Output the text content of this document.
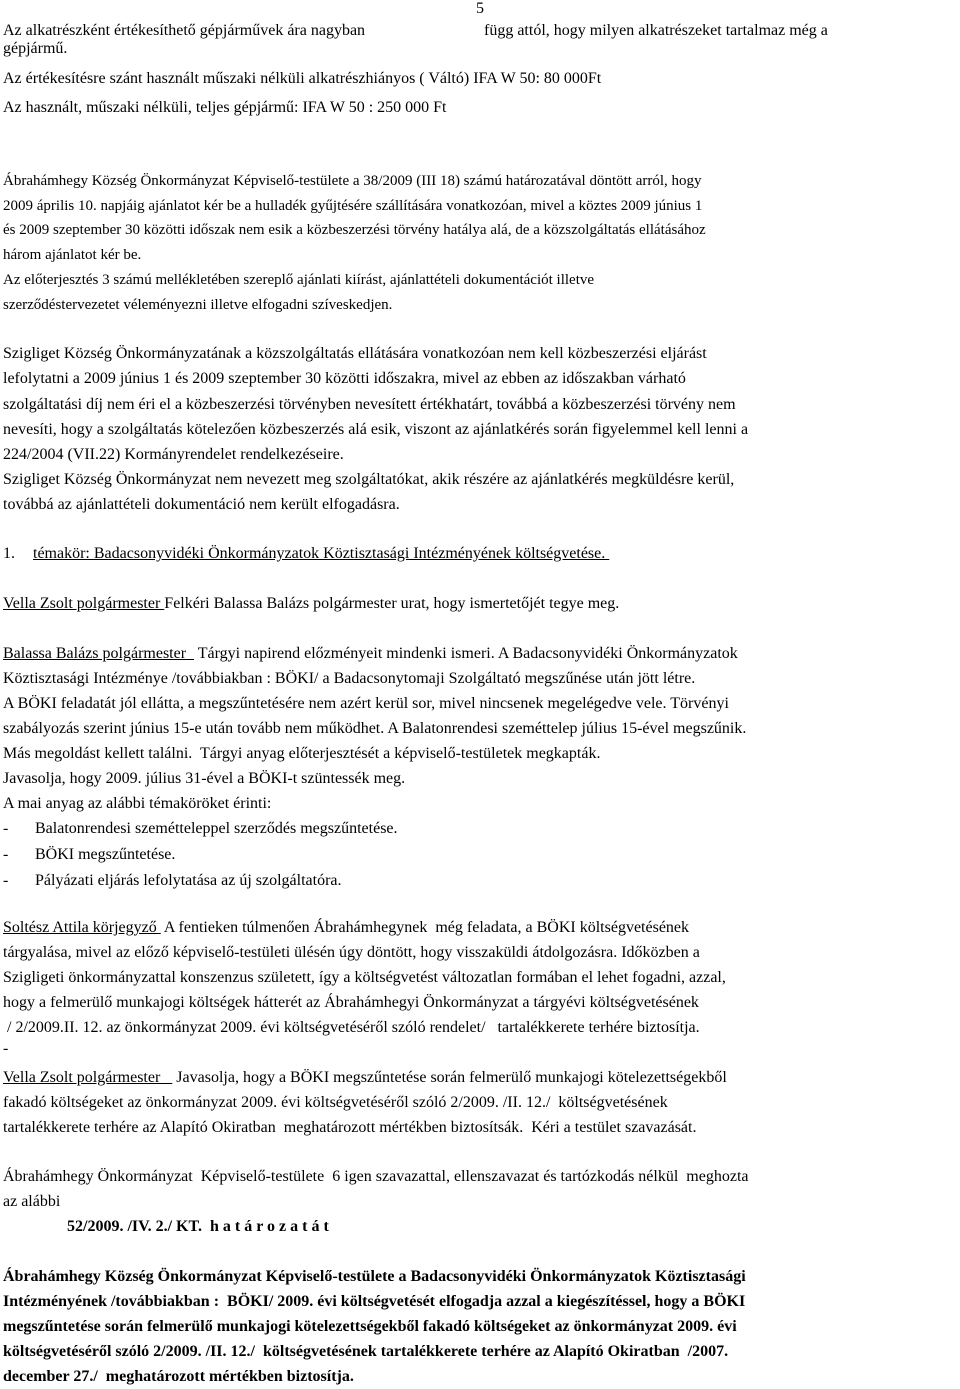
5
Az alkatrészként értékesíthető gépjárművek ára nagyban	függ attól, hogy milyen alkatrészeket tartalmaz még a
gépjármű.
Az értékesítésre szánt használt műszaki nélküli alkatrészhiányos ( Váltó) IFA W 50: 80 000Ft
Az használt, műszaki nélküli, teljes gépjármű: IFA W 50 : 250 000 Ft
Ábrahámhegy Község Önkormányzat Képviselő-testülete a 38/2009 (III 18) számú határozatával döntött arról, hogy
2009 április 10. napjáig ajánlatot kér be a hulladék gyűjtésére szállítására vonatkozóan, mivel a köztes 2009 június 1
és 2009 szeptember 30 közötti időszak nem esik a közbeszerzési törvény hatálya alá, de a közszolgáltatás ellátásához
három ajánlatot kér be.
Az előterjesztés 3 számú mellékletében szereplő ajánlati kiírást, ajánlattételi dokumentációt illetve
szerződéstervezetet véleményezni illetve elfogadni szíveskedjen.
Szigliget Község Önkormányzatának a közszolgáltatás ellátására vonatkozóan nem kell közbeszerzési eljárást
lefolytatni a 2009 június 1 és 2009 szeptember 30 közötti időszakra, mivel az ebben az időszakban várható
szolgáltatási díj nem éri el a közbeszerzési törvényben nevesített értékhatárt, továbbá a közbeszerzési törvény nem
nevesíti, hogy a szolgáltatás kötelezően közbeszerzés alá esik, viszont az ajánlatkérés során figyelemmel kell lenni a
224/2004 (VII.22) Kormányrendelet rendelkezéseire.
Szigliget Község Önkormányzat nem nevezett meg szolgáltatókat, akik részére az ajánlatkérés megküldésre kerül,
továbbá az ajánlattételi dokumentáció nem került elfogadásra.
1. témakör: Badacsonyvidéki Önkormányzatok Köztisztasági Intézményének költségvetése.
Vella Zsolt polgármester Felkéri Balassa Balázs polgármester urat, hogy ismertetőjét tegye meg.
Balassa Balázs polgármester   Tárgyi napirend előzményeit mindenki ismeri. A Badacsonyvidéki Önkormányzatok
Köztisztasági Intézménye /továbbiakban : BÖKI/ a Badacsonytomaji Szolgáltató megszűnése után jött létre.
A BÖKI feladatát jól ellátta, a megszűntetésére nem azért kerül sor, mivel nincsenek megelégedve vele. Törvényi
szabályozás szerint június 15-e után tovább nem működhet. A Balatonrendesi szeméttelep július 15-ével megszűnik.
Más megoldást kellett találni.  Tárgyi anyag előterjesztését a képviselő-testületek megkapták.
Javasolja, hogy 2009. július 31-ével a BÖKI-t szüntessék meg.
A mai anyag az alábbi témaköröket érinti:
- Balatonrendesi szeméttelеppel szerződés megszűntetése.
- BÖKI megszűntetése.
- Pályázati eljárás lefolytatása az új szolgáltatóra.
Soltész Attila körjegyző  A fentieken túlmenően Ábrahámhegynek  még feladata, a BÖKI költségvetésének
tárgyalása, mivel az előző képviselő-testületi ülésén úgy döntött, hogy visszaküldi átdolgozásra. Időközben a
Szigligeti önkormányzattal konszenzus született, így a költségvetést változatlan formában el lehet fogadni, azzal,
hogy a felmerülő munkajogi költségek hátterét az Ábrahámhegyi Önkormányzat a tárgyévi költségvetésének
/ 2/2009.II. 12. az önkormányzat 2009. évi költségvetéséről szóló rendelet/   tartalékkerete terhére biztosítja.
-
Vella Zsolt polgármester    Javasolja, hogy a BÖKI megszűntetése során felmerülő munkajogi kötelezettségekből
fakadó költségeket az önkormányzat 2009. évi költségvetéséről szóló 2/2009. /II. 12./  költségvetésének
tartalékkerete terhére az Alapító Okiratban  meghatározott mértékben biztosítsák.  Kéri a testület szavazását.
Ábrahámhegy Önkormányzat  Képviselő-testülete  6 igen szavazattal, ellenszavazat és tartózkodás nélkül  meghozta
az alábbi
52/2009. /IV. 2./ KT. h a t á r o z a t á t
Ábrahámhegy Község Önkormányzat Képviselő-testülete a Badacsonyvidéki Önkormányzatok Köztisztasági
Intézményének /továbbiakban :  BÖKI/ 2009. évi költségvetését elfogadja azzal a kiegészítéssel, hogy a BÖKI
megszűntetése során felmerülő munkajogi kötelezettségekből fakadó költségeket az önkormányzat 2009. évi
költségvetéséről szóló 2/2009. /II. 12./  költségvetésének tartalékkerete terhére az Alapító Okiratban  /2007.
december 27./  meghatározott mértékben biztosítja.
